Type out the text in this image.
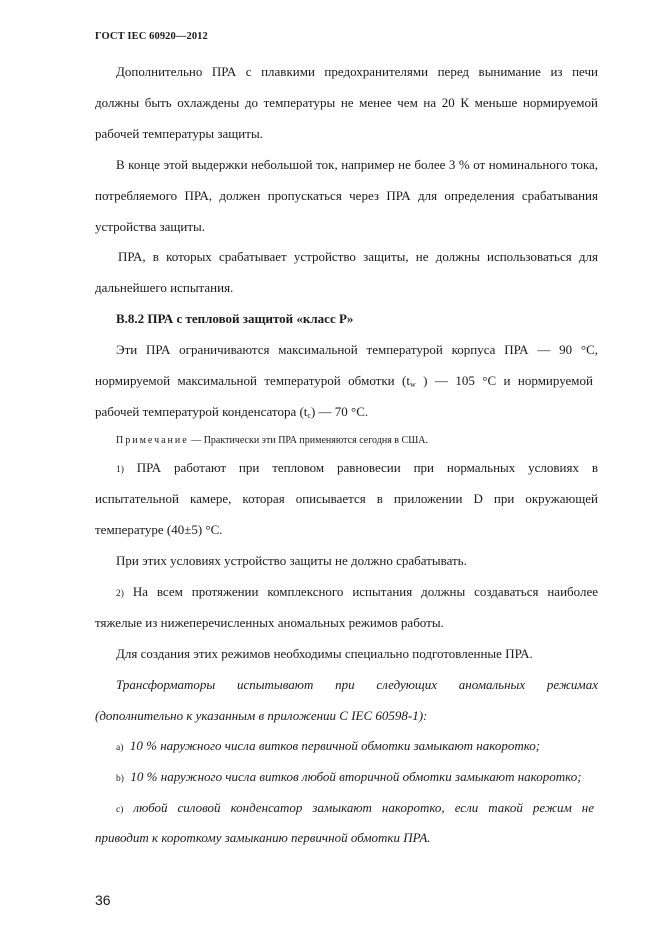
ГОСТ IEC 60920—2012
Дополнительно ПРА с плавкими предохранителями перед вынимание из печи
должны быть охлаждены до температуры не менее чем на 20 К меньше нормируемой
рабочей температуры защиты.
В конце этой выдержки небольшой ток, например не более 3 % от номинального тока,
потребляемого ПРА, должен пропускаться через ПРА для определения срабатывания
устройства защиты.
ПРА, в которых срабатывает устройство защиты, не должны использоваться для
дальнейшего испытания.
B.8.2 ПРА с тепловой защитой «класс P»
Эти ПРА ограничиваются максимальной температурой корпуса ПРА — 90 °С,
нормируемой максимальной температурой обмотки ($t_w$ ) — 105 °С и нормируемой
рабочей температурой конденсатора $(t_c)$ — 70 °С.
Примечание — Практически эти ПРА применяются сегодня в США.
1) ПРА работают при тепловом равновесии при нормальных условиях в
испытательной камере, которая описывается в приложении D при окружающей
температуре (40±5) °С.
При этих условиях устройство защиты не должно срабатывать.
2) На всем протяжении комплексного испытания должны создаваться наиболее
тяжелые из нижеперечисленных аномальных режимов работы.
Для создания этих режимов необходимы специально подготовленные ПРА.
Трансформаторы испытывают при следующих аномальных режимах
(дополнительно к указанным в приложении С IEC 60598-1):
a) 10 % наружного числа витков первичной обмотки замыкают накоротко;
b) 10 % наружного числа витков любой вторичной обмотки замыкают накоротко;
c) любой силовой конденсатор замыкают накоротко, если такой режим не
приводит к короткому замыканию первичной обмотки ПРА.
36
